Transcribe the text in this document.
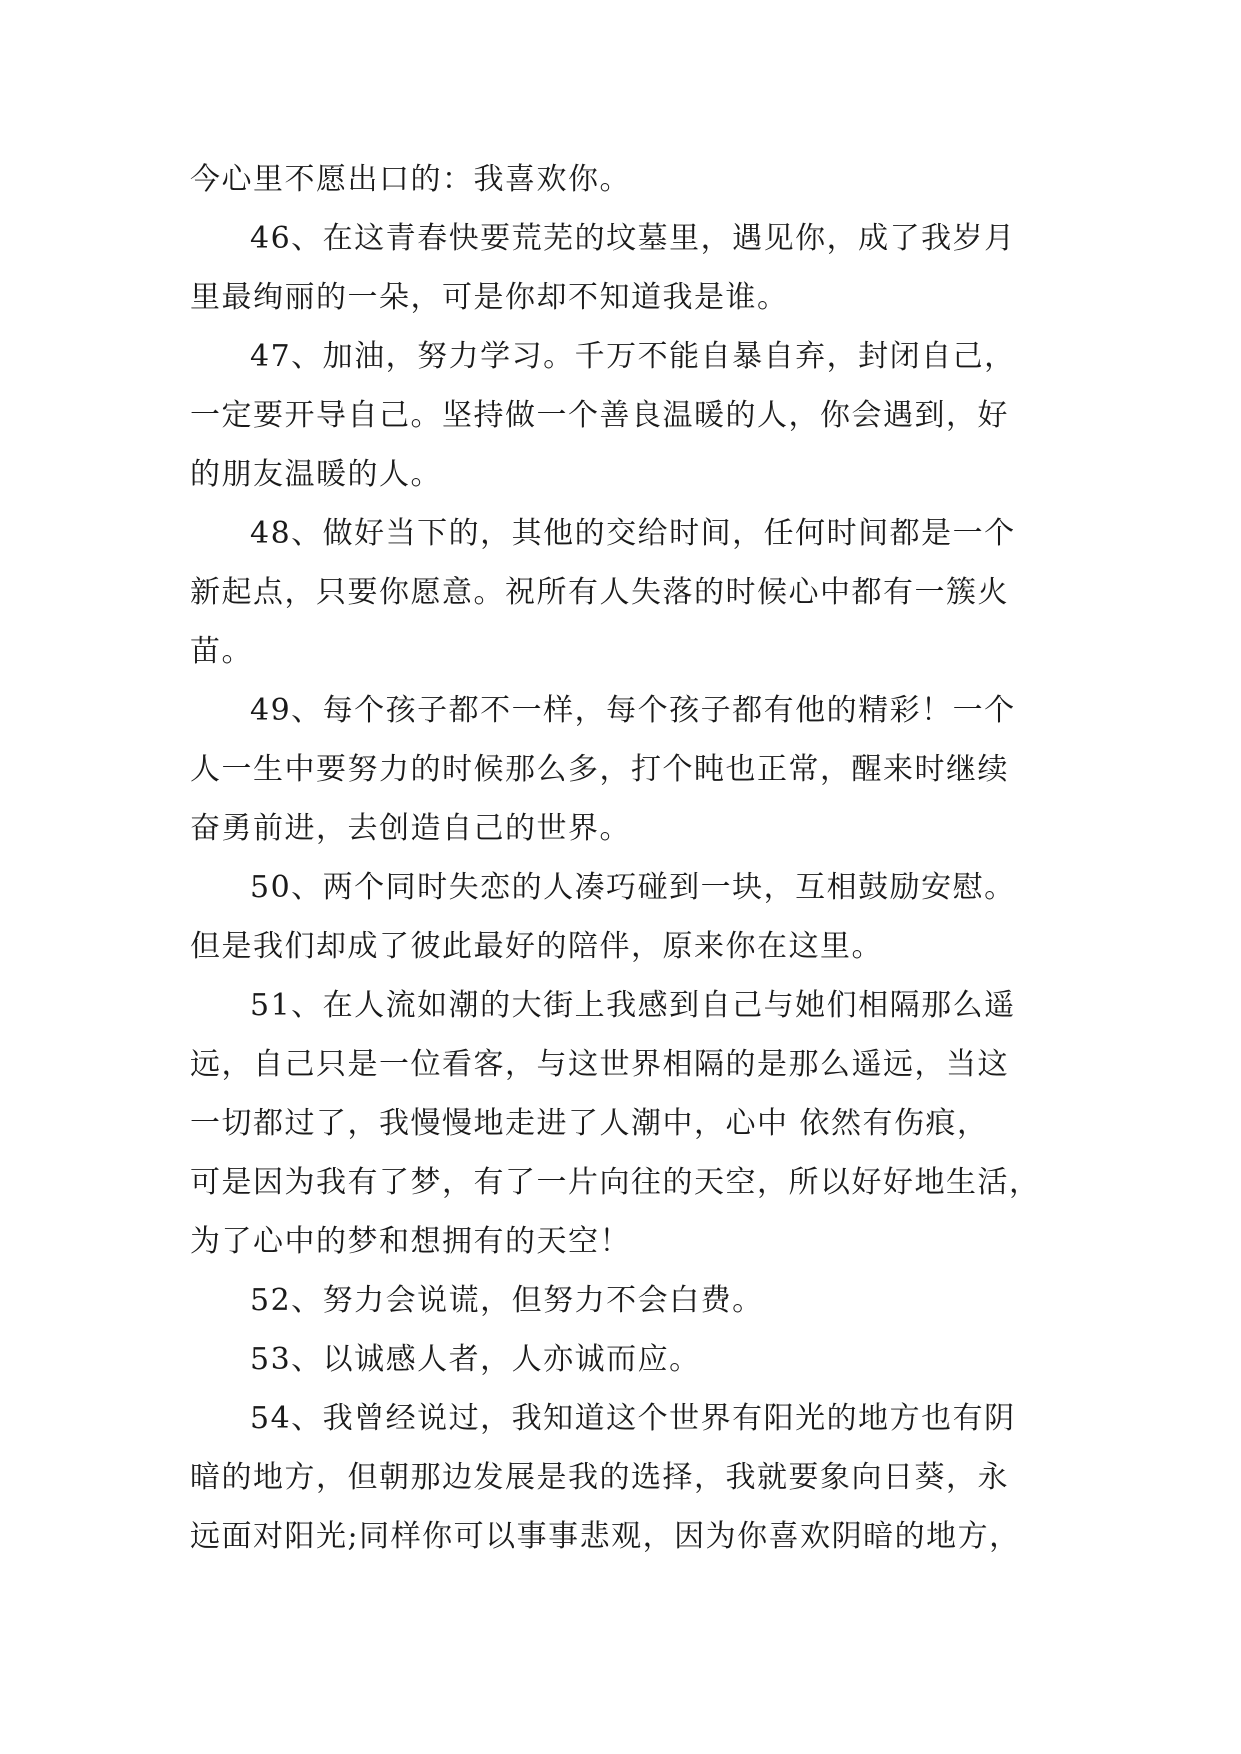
今心里不愿出口的：我喜欢你。
46、在这青春快要荒芜的坟墓里，遇见你，成了我岁月
里最绚丽的一朵，可是你却不知道我是谁。
47、加油，努力学习。千万不能自暴自弃，封闭自己，
一定要开导自己。坚持做一个善良温暖的人，你会遇到，好
的朋友温暖的人。
48、做好当下的，其他的交给时间，任何时间都是一个
新起点，只要你愿意。祝所有人失落的时候心中都有一簇火
苗。
49、每个孩子都不一样，每个孩子都有他的精彩！一个
人一生中要努力的时候那么多，打个盹也正常，醒来时继续
奋勇前进，去创造自己的世界。
50、两个同时失恋的人凑巧碰到一块，互相鼓励安慰。
但是我们却成了彼此最好的陪伴，原来你在这里。
51、在人流如潮的大街上我感到自己与她们相隔那么遥
远，自己只是一位看客，与这世界相隔的是那么遥远，当这
一切都过了，我慢慢地走进了人潮中，心中 依然有伤痕，
可是因为我有了梦，有了一片向往的天空，所以好好地生活，
为了心中的梦和想拥有的天空！
52、努力会说谎，但努力不会白费。
53、以诚感人者，人亦诚而应。
54、我曾经说过，我知道这个世界有阳光的地方也有阴
暗的地方，但朝那边发展是我的选择，我就要象向日葵，永
远面对阳光;同样你可以事事悲观，因为你喜欢阴暗的地方，
